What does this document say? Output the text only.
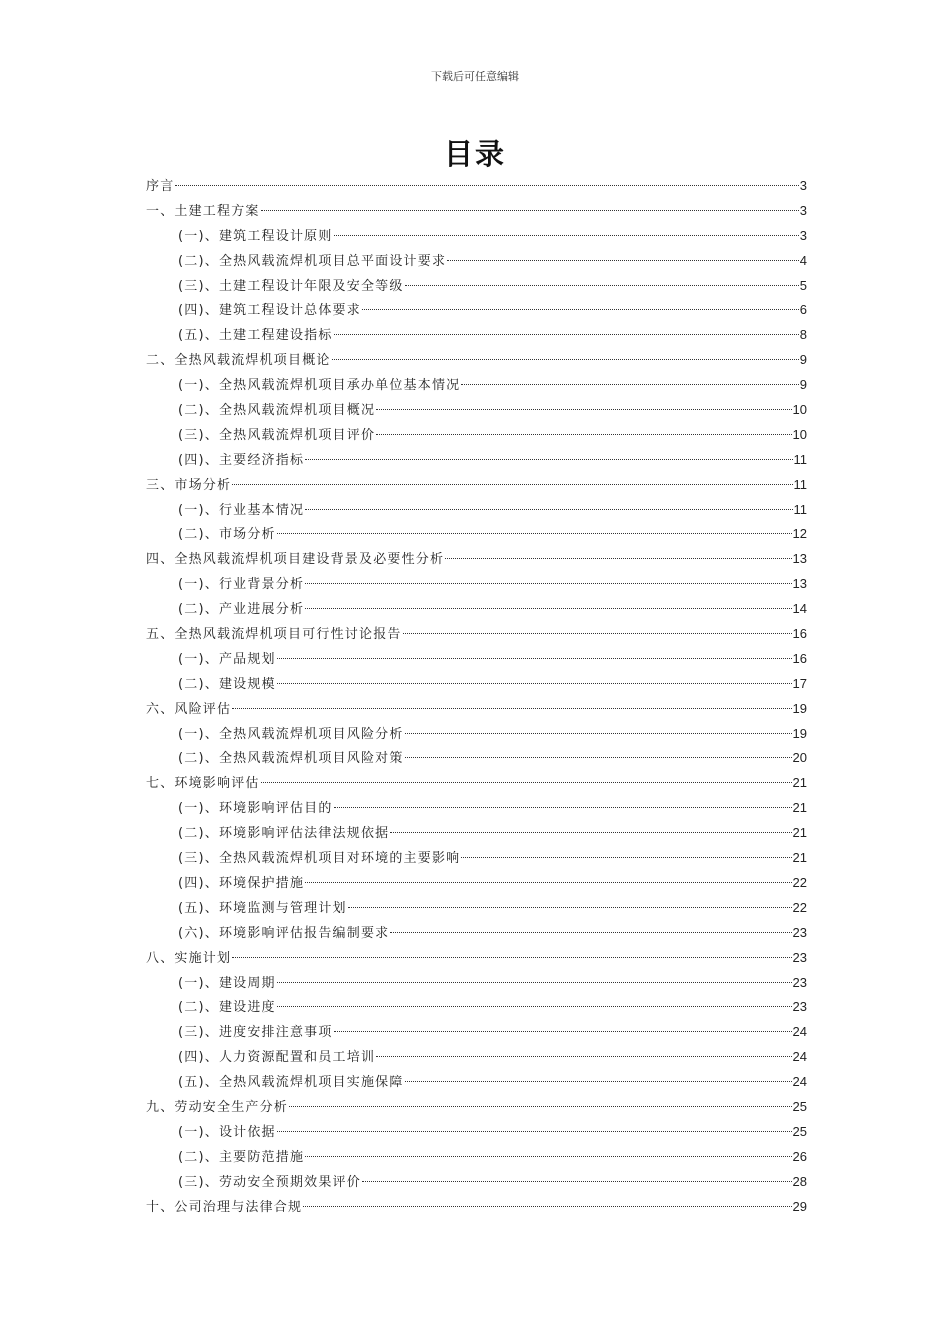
下载后可任意编辑
目录
序言	3
一、土建工程方案	3
(一)、建筑工程设计原则	3
(二)、全热风载流焊机项目总平面设计要求	4
(三)、土建工程设计年限及安全等级	5
(四)、建筑工程设计总体要求	6
(五)、土建工程建设指标	8
二、全热风载流焊机项目概论	9
(一)、全热风载流焊机项目承办单位基本情况	9
(二)、全热风载流焊机项目概况	10
(三)、全热风载流焊机项目评价	10
(四)、主要经济指标	11
三、市场分析	11
(一)、行业基本情况	11
(二)、市场分析	12
四、全热风载流焊机项目建设背景及必要性分析	13
(一)、行业背景分析	13
(二)、产业进展分析	14
五、全热风载流焊机项目可行性讨论报告	16
(一)、产品规划	16
(二)、建设规模	17
六、风险评估	19
(一)、全热风载流焊机项目风险分析	19
(二)、全热风载流焊机项目风险对策	20
七、环境影响评估	21
(一)、环境影响评估目的	21
(二)、环境影响评估法律法规依据	21
(三)、全热风载流焊机项目对环境的主要影响	21
(四)、环境保护措施	22
(五)、环境监测与管理计划	22
(六)、环境影响评估报告编制要求	23
八、实施计划	23
(一)、建设周期	23
(二)、建设进度	23
(三)、进度安排注意事项	24
(四)、人力资源配置和员工培训	24
(五)、全热风载流焊机项目实施保障	24
九、劳动安全生产分析	25
(一)、设计依据	25
(二)、主要防范措施	26
(三)、劳动安全预期效果评价	28
十、公司治理与法律合规	29
